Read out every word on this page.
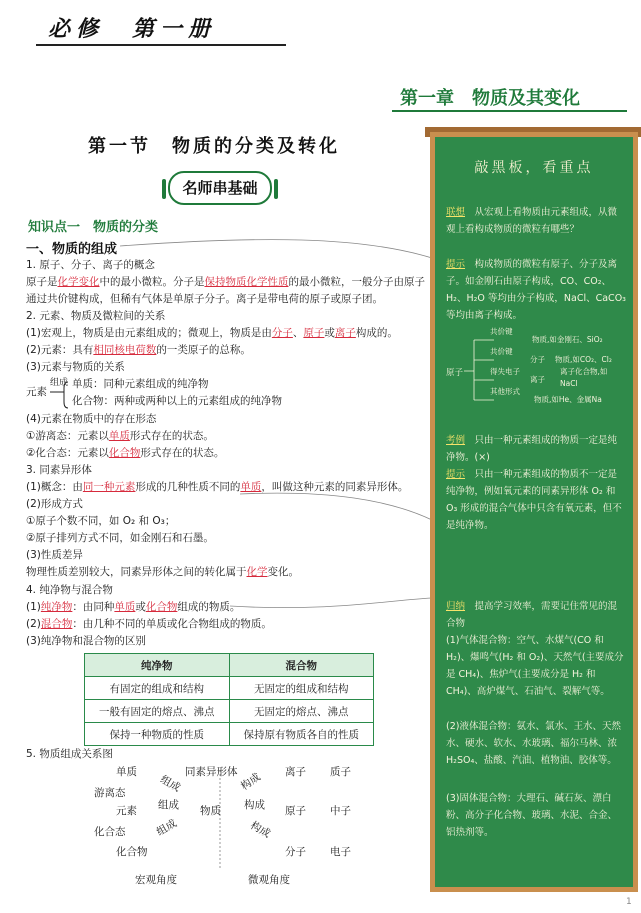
必修　第一册
第一章　物质及其变化
第一节　物质的分类及转化
名师串基础
知识点一　物质的分类
一、物质的组成
1. 原子、分子、离子的概念
原子是化学变化中的最小微粒。分子是保持物质化学性质的最小微粒，一般分子由原子
通过共价键构成，但稀有气体是单原子分子。离子是带电荷的原子或原子团。
2. 元素、物质及微粒间的关系
(1)宏观上，物质是由元素组成的；微观上，物质是由分子、原子或离子构成的。
(2)元素：具有相同核电荷数的一类原子的总称。
(3)元素与物质的关系
元素
组成 单质：同种元素组成的纯净物
化合物：两种或两种以上的元素组成的纯净物
(4)元素在物质中的存在形态
①游离态：元素以单质形式存在的状态。
②化合态：元素以化合物形式存在的状态。
3. 同素异形体
(1)概念：由同一种元素形成的几种性质不同的单质，叫做这种元素的同素异形体。
(2)形成方式
①原子个数不同，如 O₂ 和 O₃；
②原子排列方式不同，如金刚石和石墨。
(3)性质差异
物理性质差别较大，同素异形体之间的转化属于化学变化。
4. 纯净物与混合物
(1)纯净物：由同种单质或化合物组成的物质。
(2)混合物：由几种不同的单质或化合物组成的物质。
(3)纯净物和混合物的区别
纯净物	混合物
有固定的组成和结构	无固定的组成和结构
一般有固定的熔点、沸点	无固定的熔点、沸点
保持一种物质的性质	保持原有物质各自的性质
5. 物质组成关系图
单质	同素异形体	离子 质子
游离态	组成	构成
元素 组成 物质 构成 原子 中子
化合态	组成	构成
化合物	分子 电子
宏观角度	微观角度
敲黑板，看重点
联想　 从宏观上看物质由元素组成，从微观上看构成物质的微粒有哪些？
提示　 构成物质的微粒有原子、分子及离子。如金刚石由原子构成，CO、CO₂、H₂、H₂O 等均由分子构成，NaCl、CaCO₃ 等均由离子构成。
原子
共价键
物质,如金刚石、SiO₂
共价键
分子 物质,如CO₂、Cl₂
得失电子
离子
离子化合物,如NaCl
其他形式
物质,如He、金属Na
考例　 只由一种元素组成的物质一定是纯净物。(×)
提示　 只由一种元素组成的物质不一定是纯净物，例如氧元素的同素异形体 O₂ 和 O₃ 形成的混合气体中只含有氧元素，但不是纯净物。
归纳　 提高学习效率，需要记住常见的混合物
(1)气体混合物：空气、水煤气(CO 和 H₂)、爆鸣气(H₂ 和 O₂)、天然气(主要成分是 CH₄)、焦炉气(主要成分是 H₂ 和 CH₄)、高炉煤气、石油气、裂解气等。
(2)液体混合物：氨水、氯水、王水、天然水、硬水、软水、水玻璃、福尔马林、浓 H₂SO₄、盐酸、汽油、植物油、胶体等。
(3)固体混合物：大理石、碱石灰、漂白粉、高分子化合物、玻璃、水泥、合金、铝热剂等。
1
